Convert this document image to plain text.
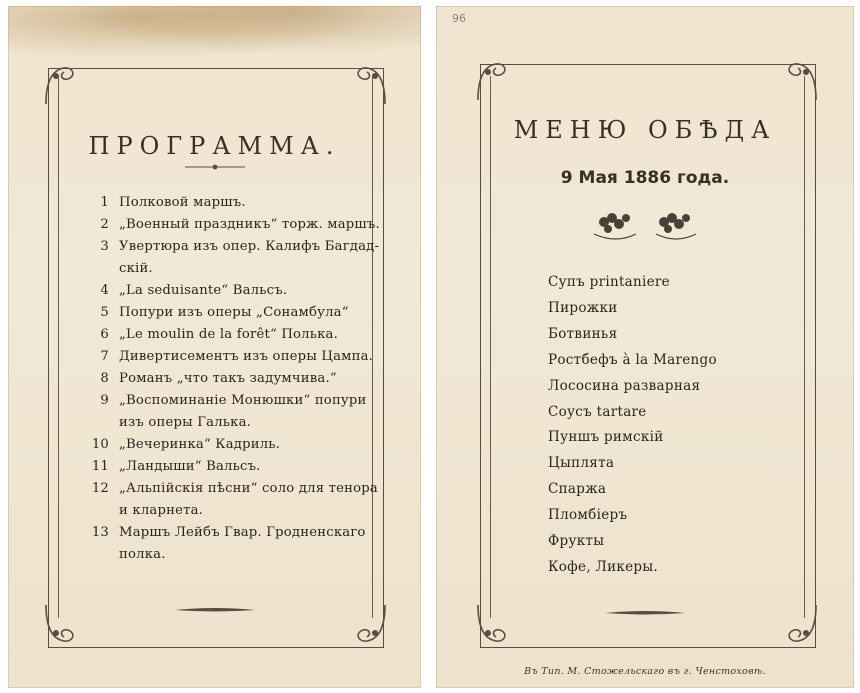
ПРОГРАММА.
1 Полковой маршъ.
2 „Военный праздникъ“ торж. маршъ.
3 Увертюра изъ опер. Калифъ Багдад-
скій.
4 „La seduisante“ Вальсъ.
5 Попури изъ оперы „Сонамбула“
6 „Le moulin de la forêt“ Полька.
7 Дивертисементъ изъ оперы Цампа.
8 Романъ „что такъ задумчива.“
9 „Воспоминаніе Монюшки“ попури
изъ оперы Галька.
10 „Вечеринка“ Кадриль.
11 „Ландыши“ Вальсъ.
12 „Альпійскія пѣсни“ соло для тенора
и кларнета.
13 Маршъ Лейбъ Гвар. Гродненскаго
полка.
96
МЕНЮ ОБѢДА
9 Мая 1886 года.
Супъ printaniere
Пирожки
Ботвинья
Ростбефъ à la Marengo
Лососина разварная
Соусъ tartare
Пуншъ римскій
Цыплята
Спаржа
Пломбіеръ
Фрукты
Кофе, Ликеры.
Въ Тип. М. Стожельскаго въ г. Ченстоховѣ.
